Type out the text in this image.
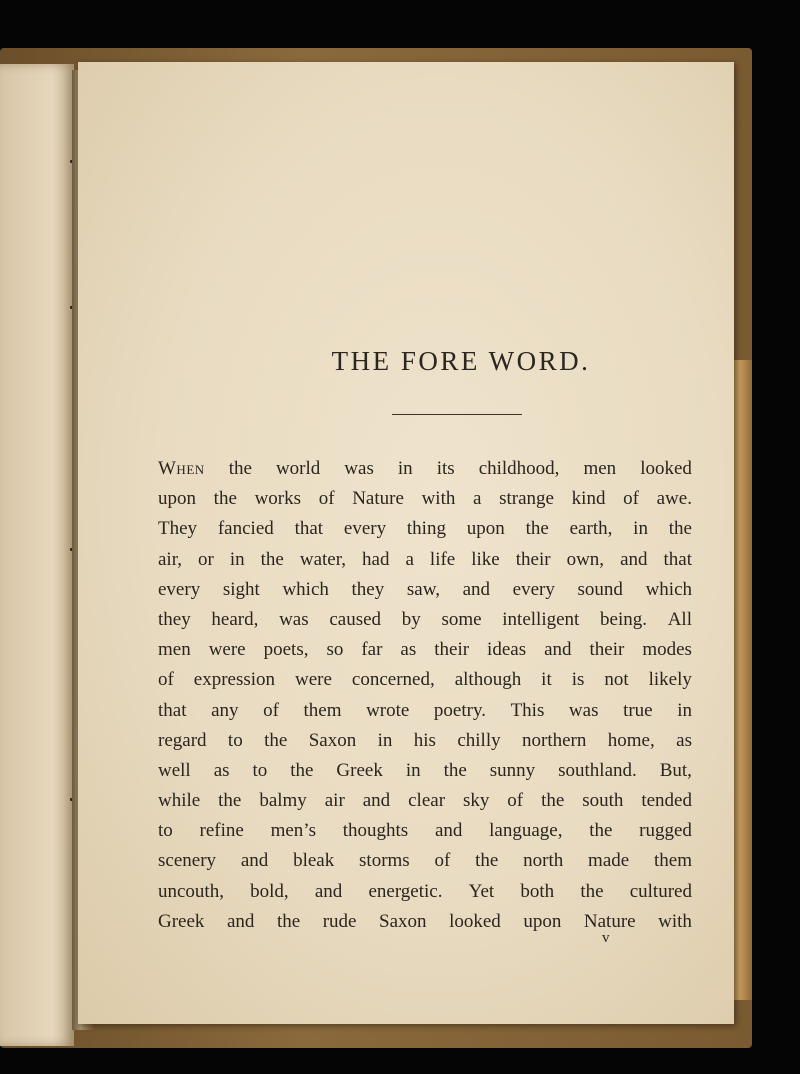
THE FORE WORD.
When the world was in its childhood, men looked
upon the works of Nature with a strange kind of awe.
They fancied that every thing upon the earth, in the
air, or in the water, had a life like their own, and that
every sight which they saw, and every sound which
they heard, was caused by some intelligent being. All
men were poets, so far as their ideas and their modes
of expression were concerned, although it is not likely
that any of them wrote poetry. This was true in
regard to the Saxon in his chilly northern home, as
well as to the Greek in the sunny southland. But,
while the balmy air and clear sky of the south tended
to refine men’s thoughts and language, the rugged
scenery and bleak storms of the north made them
uncouth, bold, and energetic. Yet both the cultured
Greek and the rude Saxon looked upon Nature with
v
